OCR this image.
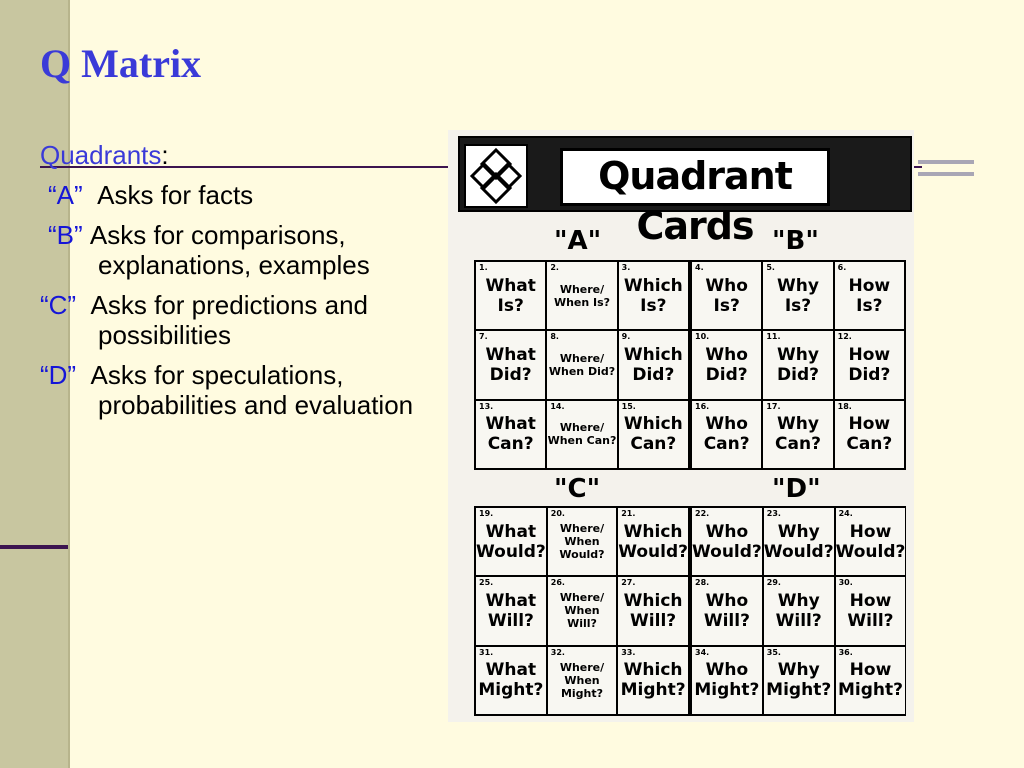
Q Matrix
Quadrants:
“A” Asks for facts
“B” Asks for comparisons, explanations, examples
“C” Asks for predictions and possibilities
“D” Asks for speculations, probabilities and evaluation
Quadrant Cards
"A"	"B"
"C"	"D"
1.
What Is?
2.
Where/ When Is?
3.
Which Is?
7.
What Did?
8.
Where/ When Did?
9.
Which Did?
13.
What Can?
14.
Where/ When Can?
15.
Which Can?
4.
Who Is?
5.
Why Is?
6.
How Is?
10.
Who Did?
11.
Why Did?
12.
How Did?
16.
Who Can?
17.
Why Can?
18.
How Can?
19.
What Would?
20.
Where/ When Would?
21.
Which Would?
25.
What Will?
26.
Where/ When Will?
27.
Which Will?
31.
What Might?
32.
Where/ When Might?
33.
Which Might?
22.
Who Would?
23.
Why Would?
24.
How Would?
28.
Who Will?
29.
Why Will?
30.
How Will?
34.
Who Might?
35.
Why Might?
36.
How Might?
